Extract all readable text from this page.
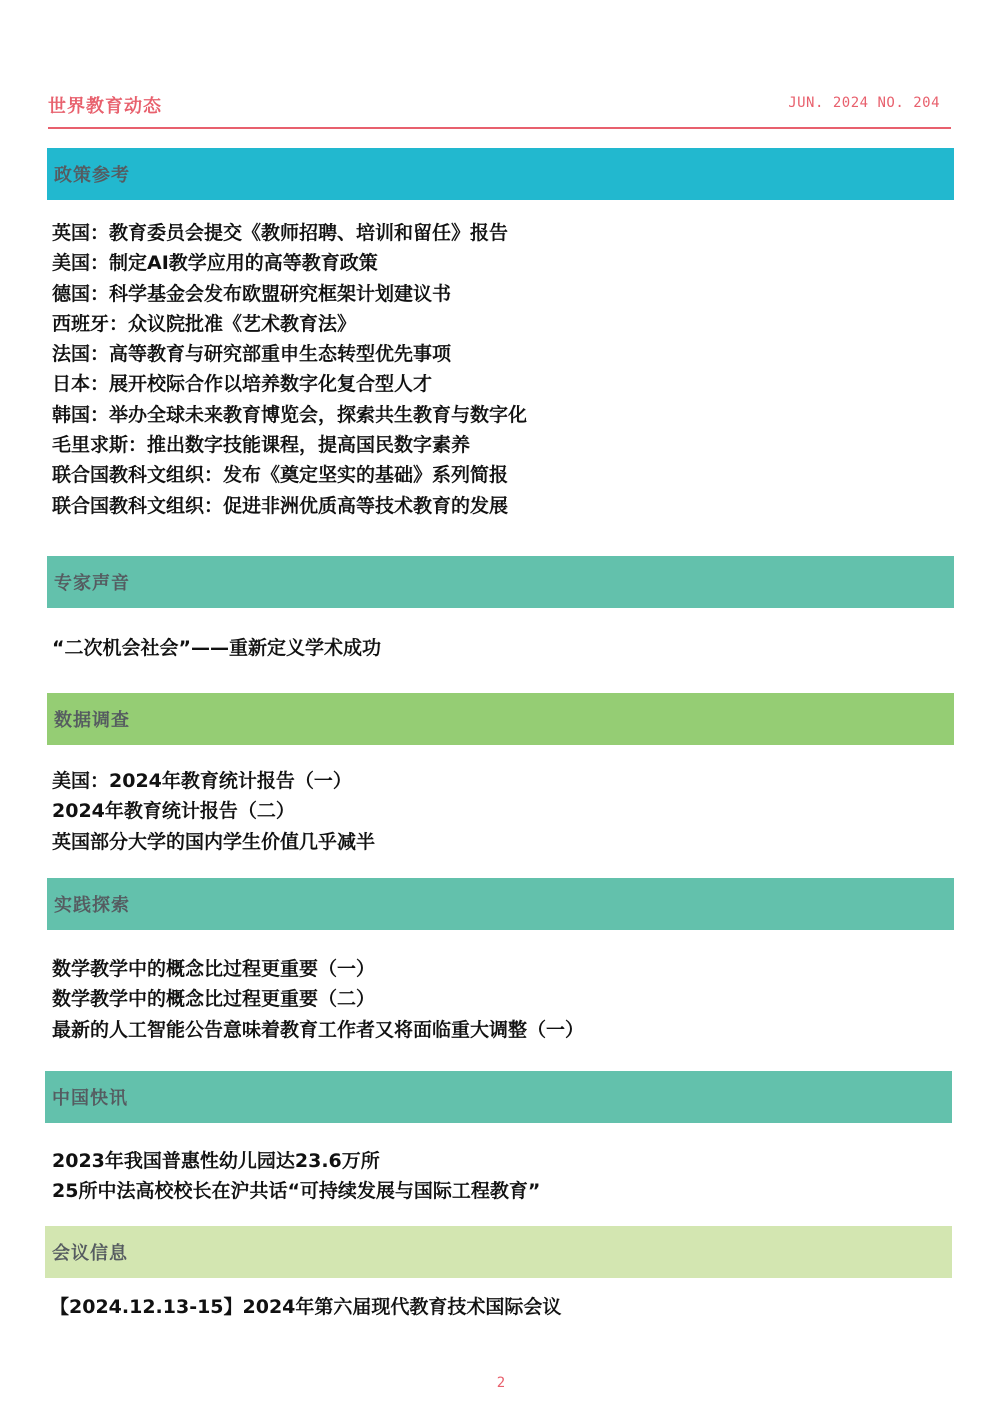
世界教育动态	JUN. 2024 NO. 204
政策参考
英国：教育委员会提交《教师招聘、培训和留任》报告
美国：制定AI教学应用的高等教育政策
德国：科学基金会发布欧盟研究框架计划建议书
西班牙：众议院批准《艺术教育法》
法国：高等教育与研究部重申生态转型优先事项
日本：展开校际合作以培养数字化复合型人才
韩国：举办全球未来教育博览会，探索共生教育与数字化
毛里求斯：推出数字技能课程，提高国民数字素养
联合国教科文组织：发布《奠定坚实的基础》系列简报
联合国教科文组织：促进非洲优质高等技术教育的发展
专家声音
“二次机会社会”——重新定义学术成功
数据调查
美国：2024年教育统计报告（一）
2024年教育统计报告（二）
英国部分大学的国内学生价值几乎减半
实践探索
数学教学中的概念比过程更重要（一）
数学教学中的概念比过程更重要（二）
最新的人工智能公告意味着教育工作者又将面临重大调整（一）
中国快讯
2023年我国普惠性幼儿园达23.6万所
25所中法高校校长在沪共话“可持续发展与国际工程教育”
会议信息
【2024.12.13-15】2024年第六届现代教育技术国际会议
2
